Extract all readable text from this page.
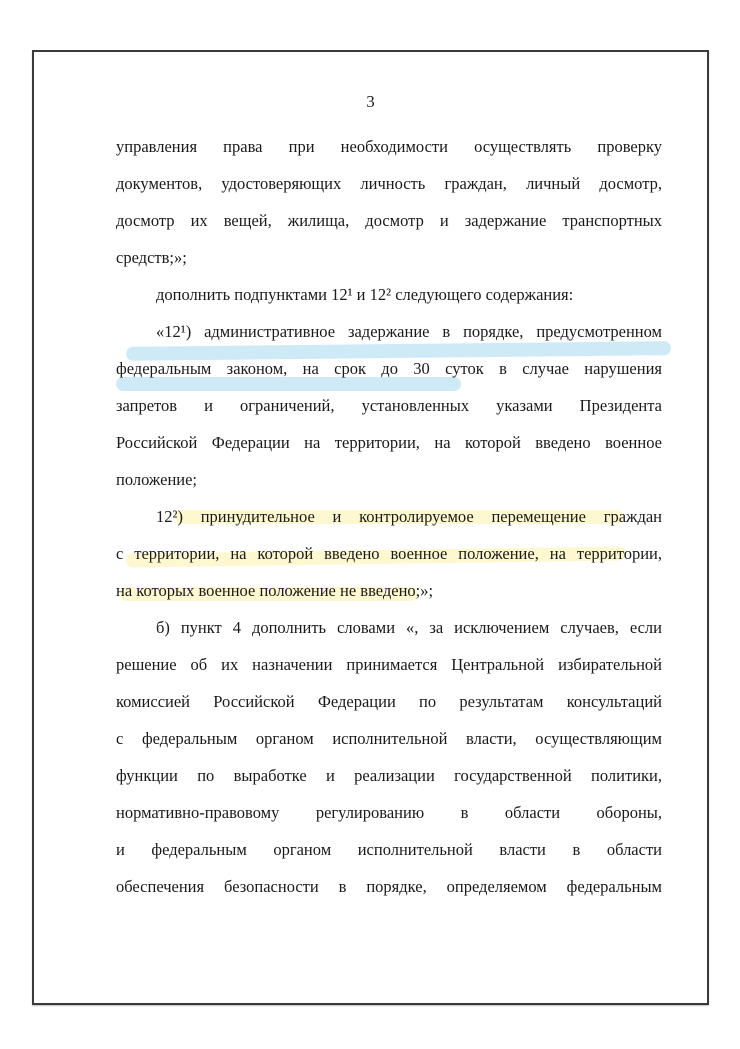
3
управления права при необходимости осуществлять проверку
документов, удостоверяющих личность граждан, личный досмотр,
досмотр их вещей, жилища, досмотр и задержание транспортных
средств;»;
дополнить подпунктами 12¹ и 12² следующего содержания:
«12¹) административное задержание в порядке, предусмотренном
федеральным законом, на срок до 30 суток в случае нарушения
запретов и ограничений, установленных указами Президента
Российской Федерации на территории, на которой введено военное
положение;
12²) принудительное и контролируемое перемещение граждан
с территории, на которой введено военное положение, на территории,
на которых военное положение не введено;»;
б) пункт 4 дополнить словами «, за исключением случаев, если
решение об их назначении принимается Центральной избирательной
комиссией Российской Федерации по результатам консультаций
с федеральным органом исполнительной власти, осуществляющим
функции по выработке и реализации государственной политики,
нормативно-правовому регулированию в области обороны,
и федеральным органом исполнительной власти в области
обеспечения безопасности в порядке, определяемом федеральным
